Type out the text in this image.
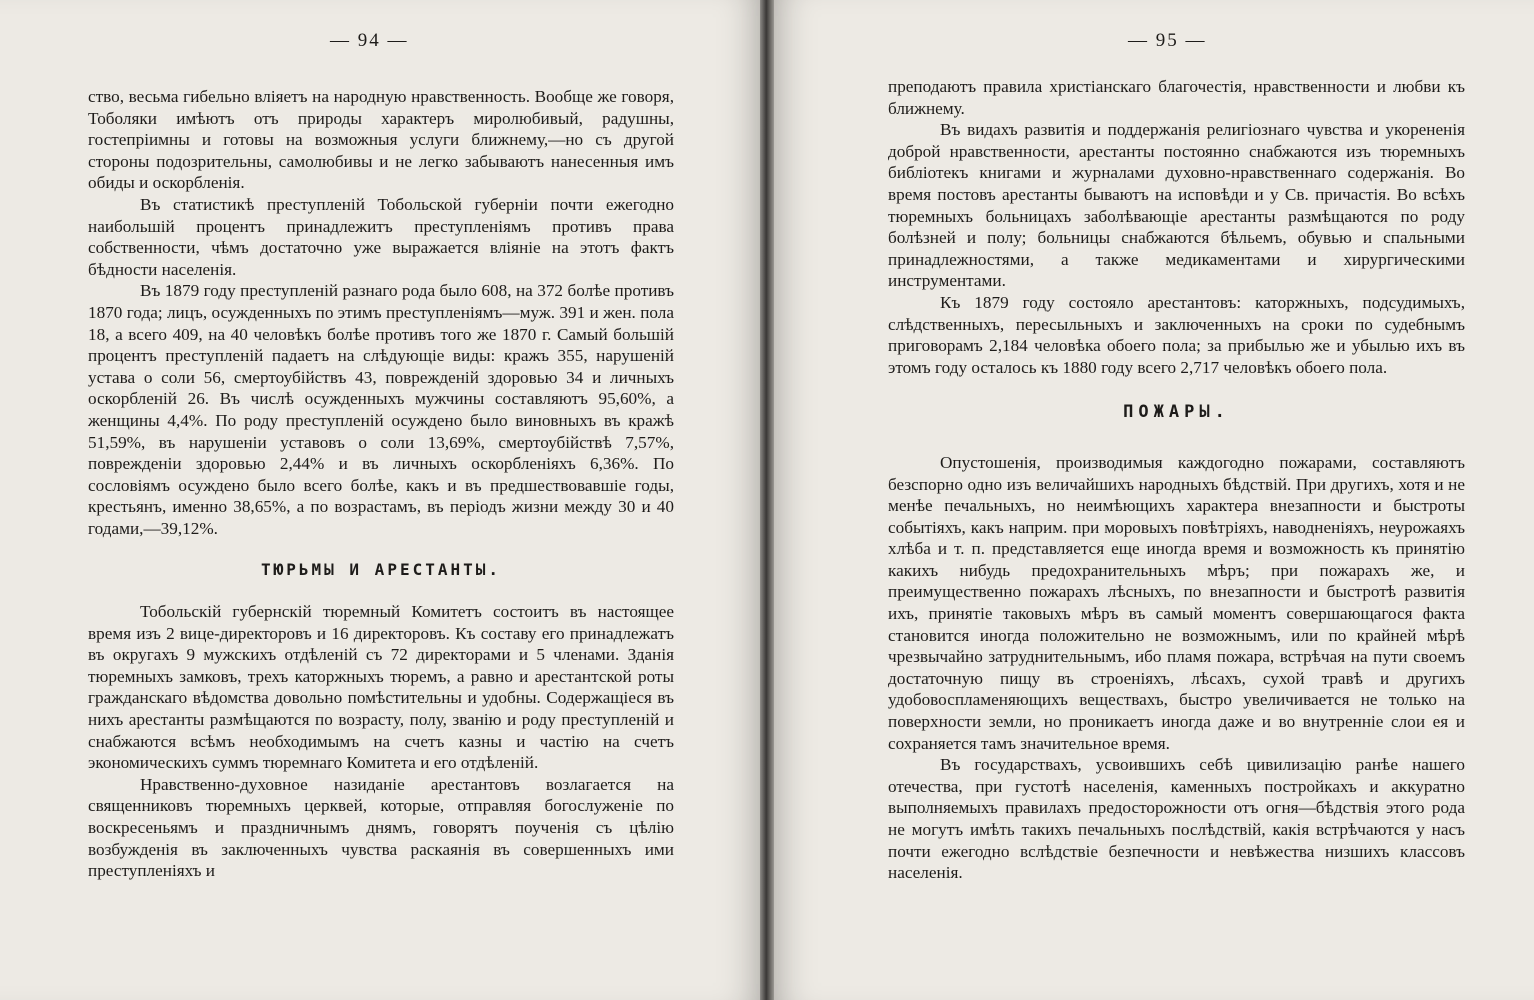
— 94 —

ство, весьма гибельно вліяетъ на народную нравственность. Вообще же говоря, Тоболяки имѣютъ отъ природы характеръ миролюбивый, радушны, гостепріимны и готовы на возможныя услуги ближнему,—но съ другой стороны подозрительны, самолюбивы и не легко забываютъ нанесенныя имъ обиды и оскорбленія.

Въ статистикѣ преступленій Тобольской губерніи почти ежегодно наибольшій процентъ принадлежитъ преступленіямъ противъ права собственности, чѣмъ достаточно уже выражается вліяніе на этотъ фактъ бѣдности населенія.

Въ 1879 году преступленій разнаго рода было 608, на 372 болѣе противъ 1870 года; лицъ, осужденныхъ по этимъ преступленіямъ—муж. 391 и жен. пола 18, а всего 409, на 40 человѣкъ болѣе противъ того же 1870 г. Самый большій процентъ преступленій падаетъ на слѣдующіе виды: кражъ 355, нарушеній устава о соли 56, смертоубійствъ 43, поврежденій здоровью 34 и личныхъ оскорбленій 26. Въ числѣ осужденныхъ мужчины составляютъ 95,60%, а женщины 4,4%. По роду преступленій осуждено было виновныхъ въ кражѣ 51,59%, въ нарушеніи уставовъ о соли 13,69%, смертоубійствѣ 7,57%, поврежденіи здоровью 2,44% и въ личныхъ оскорбленіяхъ 6,36%. По сословіямъ осуждено было всего болѣе, какъ и въ предшествовавшіе годы, крестьянъ, именно 38,65%, а по возрастамъ, въ періодъ жизни между 30 и 40 годами,—39,12%.

ТЮРЬМЫ И АРЕСТАНТЫ.

Тобольскій губернскій тюремный Комитетъ состоитъ въ настоящее время изъ 2 вице-директоровъ и 16 директоровъ. Къ составу его принадлежатъ въ округахъ 9 мужскихъ отдѣленій съ 72 директорами и 5 членами. Зданія тюремныхъ замковъ, трехъ каторжныхъ тюремъ, а равно и арестантской роты гражданскаго вѣдомства довольно помѣстительны и удобны. Содержащіеся въ нихъ арестанты размѣщаются по возрасту, полу, званію и роду преступленій и снабжаются всѣмъ необходимымъ на счетъ казны и частію на счетъ экономическихъ суммъ тюремнаго Комитета и его отдѣленій.

Нравственно-духовное назиданіе арестантовъ возлагается на священниковъ тюремныхъ церквей, которые, отправляя богослуженіе по воскресеньямъ и праздничнымъ днямъ, говорятъ поученія съ цѣлію возбужденія въ заключенныхъ чувства раскаянія въ совершенныхъ ими преступленіяхъ и

— 95 —

преподаютъ правила христіанскаго благочестія, нравственности и любви къ ближнему.

Въ видахъ развитія и поддержанія религіознаго чувства и укорененія доброй нравственности, арестанты постоянно снабжаются изъ тюремныхъ библіотекъ книгами и журналами духовно-нравственнаго содержанія. Во время постовъ арестанты бываютъ на исповѣди и у Св. причастія. Во всѣхъ тюремныхъ больницахъ заболѣвающіе арестанты размѣщаются по роду болѣзней и полу; больницы снабжаются бѣльемъ, обувью и спальными принадлежностями, а также медикаментами и хирургическими инструментами.

Къ 1879 году состояло арестантовъ: каторжныхъ, подсудимыхъ, слѣдственныхъ, пересыльныхъ и заключенныхъ на сроки по судебнымъ приговорамъ 2,184 человѣка обоего пола; за прибылью же и убылью ихъ въ этомъ году осталось къ 1880 году всего 2,717 человѣкъ обоего пола.

ПОЖАРЫ.

Опустошенія, производимыя каждогодно пожарами, составляютъ безспорно одно изъ величайшихъ народныхъ бѣдствій. При другихъ, хотя и не менѣе печальныхъ, но неимѣющихъ характера внезапности и быстроты событіяхъ, какъ наприм. при моровыхъ повѣтріяхъ, наводненіяхъ, неурожаяхъ хлѣба и т. п. представляется еще иногда время и возможность къ принятію какихъ нибудь предохранительныхъ мѣръ; при пожарахъ же, и преимущественно пожарахъ лѣсныхъ, по внезапности и быстротѣ развитія ихъ, принятіе таковыхъ мѣръ въ самый моментъ совершающагося факта становится иногда положительно не возможнымъ, или по крайней мѣрѣ чрезвычайно затруднительнымъ, ибо пламя пожара, встрѣчая на пути своемъ достаточную пищу въ строеніяхъ, лѣсахъ, сухой травѣ и другихъ удобовоспламеняющихъ веществахъ, быстро увеличивается не только на поверхности земли, но проникаетъ иногда даже и во внутренніе слои ея и сохраняется тамъ значительное время.

Въ государствахъ, усвоившихъ себѣ цивилизацію ранѣе нашего отечества, при густотѣ населенія, каменныхъ постройкахъ и аккуратно выполняемыхъ правилахъ предосторожности отъ огня—бѣдствія этого рода не могутъ имѣть такихъ печальныхъ послѣдствій, какія встрѣчаются у насъ почти ежегодно вслѣдствіе безпечности и невѣжества низшихъ классовъ населенія.
